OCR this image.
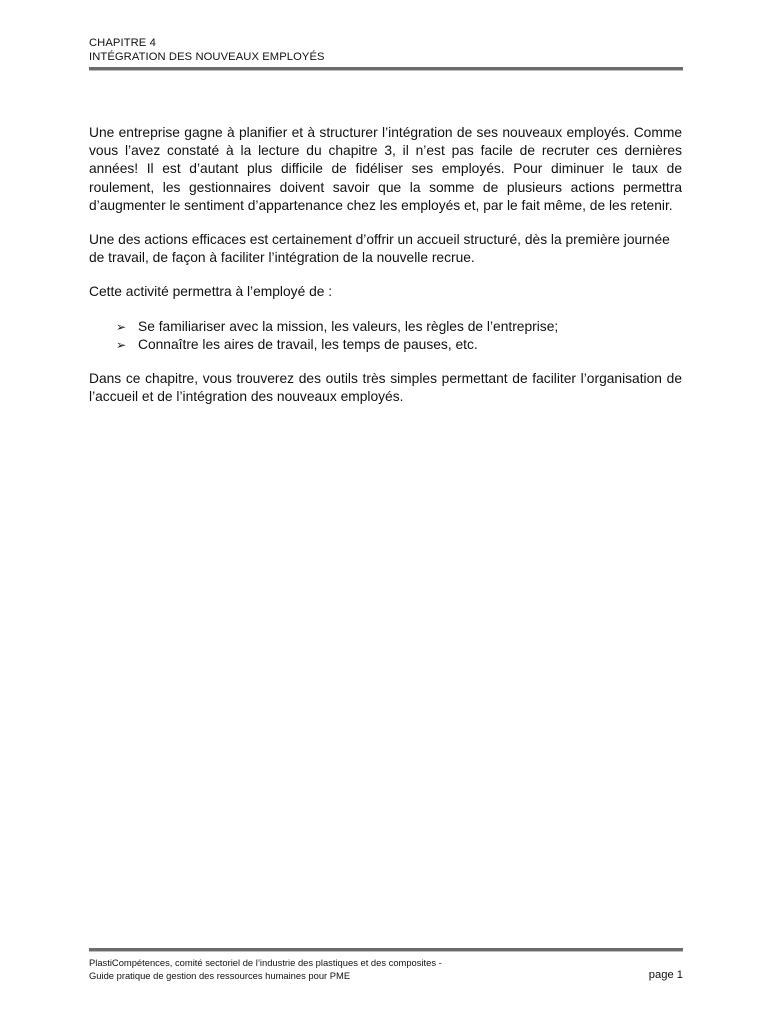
CHAPITRE 4
INTÉGRATION DES NOUVEAUX EMPLOYÉS

Une entreprise gagne à planifier et à structurer l’intégration de ses nouveaux employés. Comme vous l’avez constaté à la lecture du chapitre 3, il n’est pas facile de recruter ces dernières années! Il est d’autant plus difficile de fidéliser ses employés. Pour diminuer le taux de roulement, les gestionnaires doivent savoir que la somme de plusieurs actions permettra d’augmenter le sentiment d’appartenance chez les employés et, par le fait même, de les retenir.

Une des actions efficaces est certainement d’offrir un accueil structuré, dès la première journée de travail, de façon à faciliter l’intégration de la nouvelle recrue.

Cette activité permettra à l’employé de :

➢ Se familiariser avec la mission, les valeurs, les règles de l’entreprise;
➢ Connaître les aires de travail, les temps de pauses, etc.

Dans ce chapitre, vous trouverez des outils très simples permettant de faciliter l’organisation de l’accueil et de l’intégration des nouveaux employés.

PlastiCompétences, comité sectoriel de l’industrie des plastiques et des composites -
Guide pratique de gestion des ressources humaines pour PME	page 1
